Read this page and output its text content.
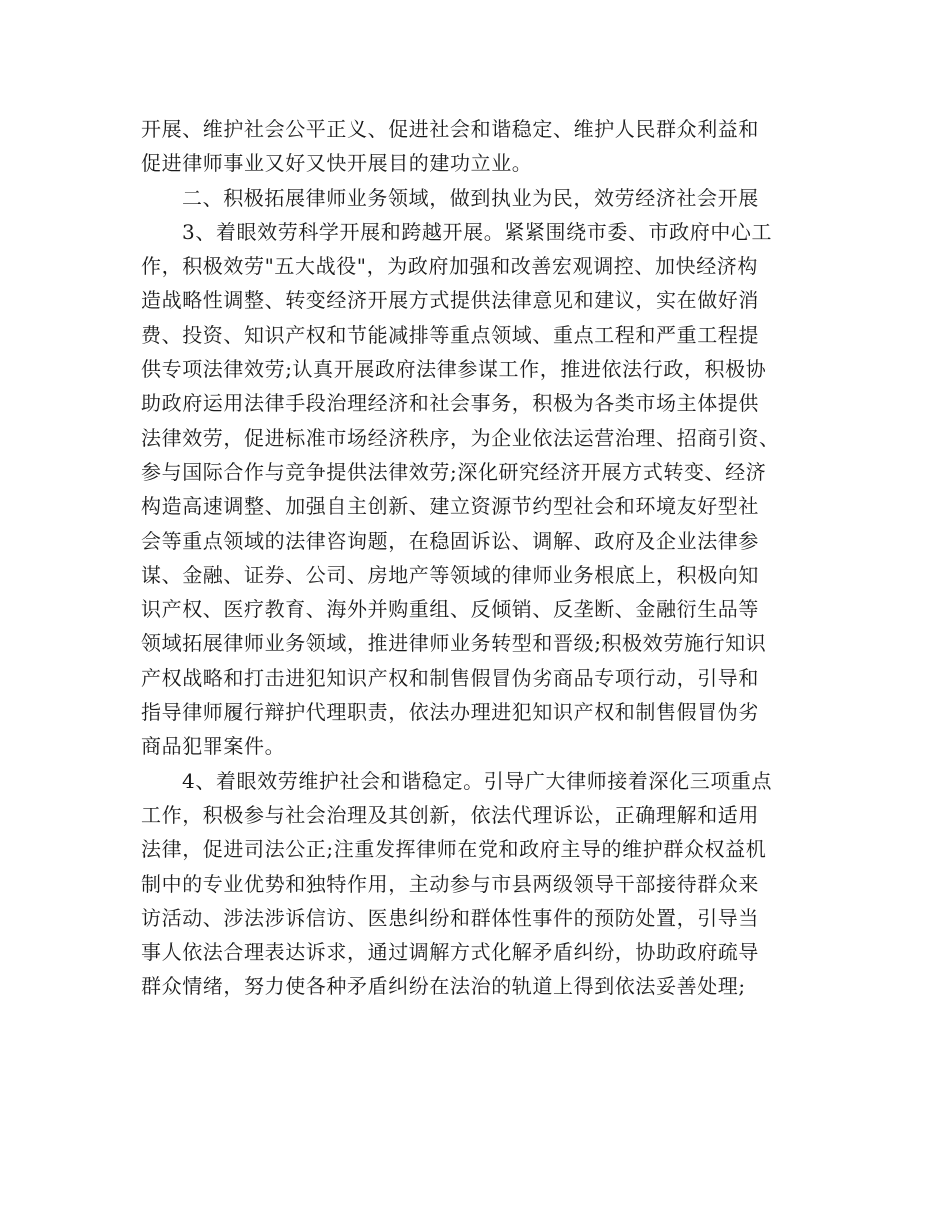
开展、维护社会公平正义、促进社会和谐稳定、维护人民群众利益和
促进律师事业又好又快开展目的建功立业。

二、积极拓展律师业务领域，做到执业为民，效劳经济社会开展

3、着眼效劳科学开展和跨越开展。紧紧围绕市委、市政府中心工
作，积极效劳"五大战役"，为政府加强和改善宏观调控、加快经济构
造战略性调整、转变经济开展方式提供法律意见和建议，实在做好消
费、投资、知识产权和节能减排等重点领域、重点工程和严重工程提
供专项法律效劳;认真开展政府法律参谋工作，推进依法行政，积极协
助政府运用法律手段治理经济和社会事务，积极为各类市场主体提供
法律效劳，促进标准市场经济秩序，为企业依法运营治理、招商引资、
参与国际合作与竞争提供法律效劳;深化研究经济开展方式转变、经济
构造高速调整、加强自主创新、建立资源节约型社会和环境友好型社
会等重点领域的法律咨询题，在稳固诉讼、调解、政府及企业法律参
谋、金融、证券、公司、房地产等领域的律师业务根底上，积极向知
识产权、医疗教育、海外并购重组、反倾销、反垄断、金融衍生品等
领域拓展律师业务领域，推进律师业务转型和晋级;积极效劳施行知识
产权战略和打击进犯知识产权和制售假冒伪劣商品专项行动，引导和
指导律师履行辩护代理职责，依法办理进犯知识产权和制售假冒伪劣
商品犯罪案件。

4、着眼效劳维护社会和谐稳定。引导广大律师接着深化三项重点
工作，积极参与社会治理及其创新，依法代理诉讼，正确理解和适用
法律，促进司法公正;注重发挥律师在党和政府主导的维护群众权益机
制中的专业优势和独特作用，主动参与市县两级领导干部接待群众来
访活动、涉法涉诉信访、医患纠纷和群体性事件的预防处置，引导当
事人依法合理表达诉求，通过调解方式化解矛盾纠纷，协助政府疏导
群众情绪，努力使各种矛盾纠纷在法治的轨道上得到依法妥善处理;
